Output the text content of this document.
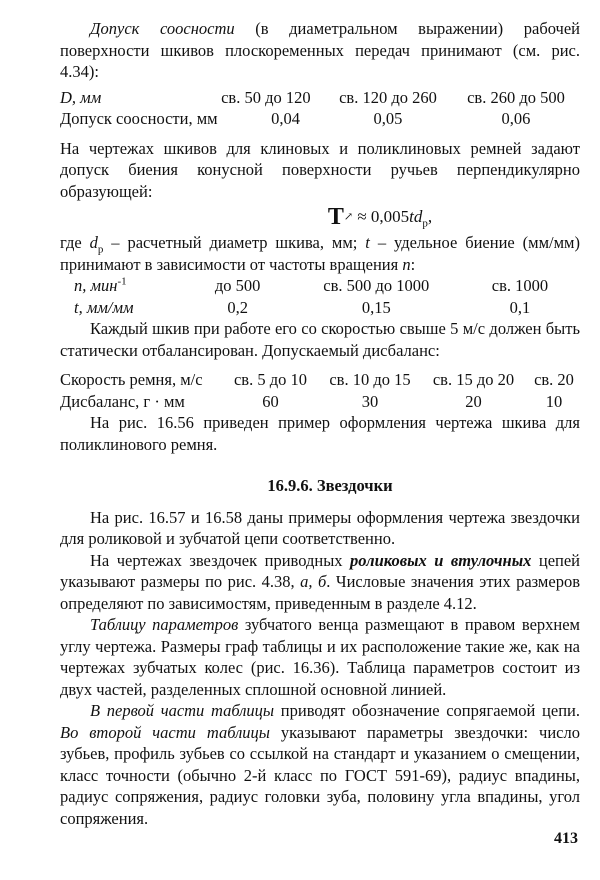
Допуск соосности (в диаметральном выражении) рабочей поверхности шкивов плоскоременных передач принимают (см. рис. 4.34):

D, мм	св. 50 до 120	св. 120 до 260	св. 260 до 500
Допуск соосности, мм	0,04	0,05	0,06

На чертежах шкивов для клиновых и поликлиновых ремней задают допуск биения конусной поверхности ручьев перпендикулярно образующей:

T↗ ≈ $0,005td_p$,

где $d_р$ – расчетный диаметр шкива, мм; t – удельное биение (мм/мм) принимают в зависимости от частоты вращения n:

n, мин$^{-1}$	до 500	св. 500 до 1000	св. 1000
t, мм/мм	0,2	0,15	0,1

Каждый шкив при работе его со скоростью свыше 5 м/с должен быть статически отбалансирован. Допускаемый дисбаланс:

Скорость ремня, м/с	св. 5 до 10	св. 10 до 15	св. 15 до 20	св. 20
Дисбаланс, г · мм	60	30	20	10

На рис. 16.56 приведен пример оформления чертежа шкива для поликлинового ремня.

16.9.6. Звездочки

На рис. 16.57 и 16.58 даны примеры оформления чертежа звездочки для роликовой и зубчатой цепи соответственно.

На чертежах звездочек приводных роликовых и втулочных цепей указывают размеры по рис. 4.38, а, б. Числовые значения этих размеров определяют по зависимостям, приведенным в разделе 4.12.

Таблицу параметров зубчатого венца размещают в правом верхнем углу чертежа. Размеры граф таблицы и их расположение такие же, как на чертежах зубчатых колес (рис. 16.36). Таблица параметров состоит из двух частей, разделенных сплошной основной линией.

В первой части таблицы приводят обозначение сопрягаемой цепи. Во второй части таблицы указывают параметры звездочки: число зубьев, профиль зубьев со ссылкой на стандарт и указанием о смещении, класс точности (обычно 2-й класс по ГОСТ 591-69), радиус впадины, радиус сопряжения, радиус головки зуба, половину угла впадины, угол сопряжения.

413
